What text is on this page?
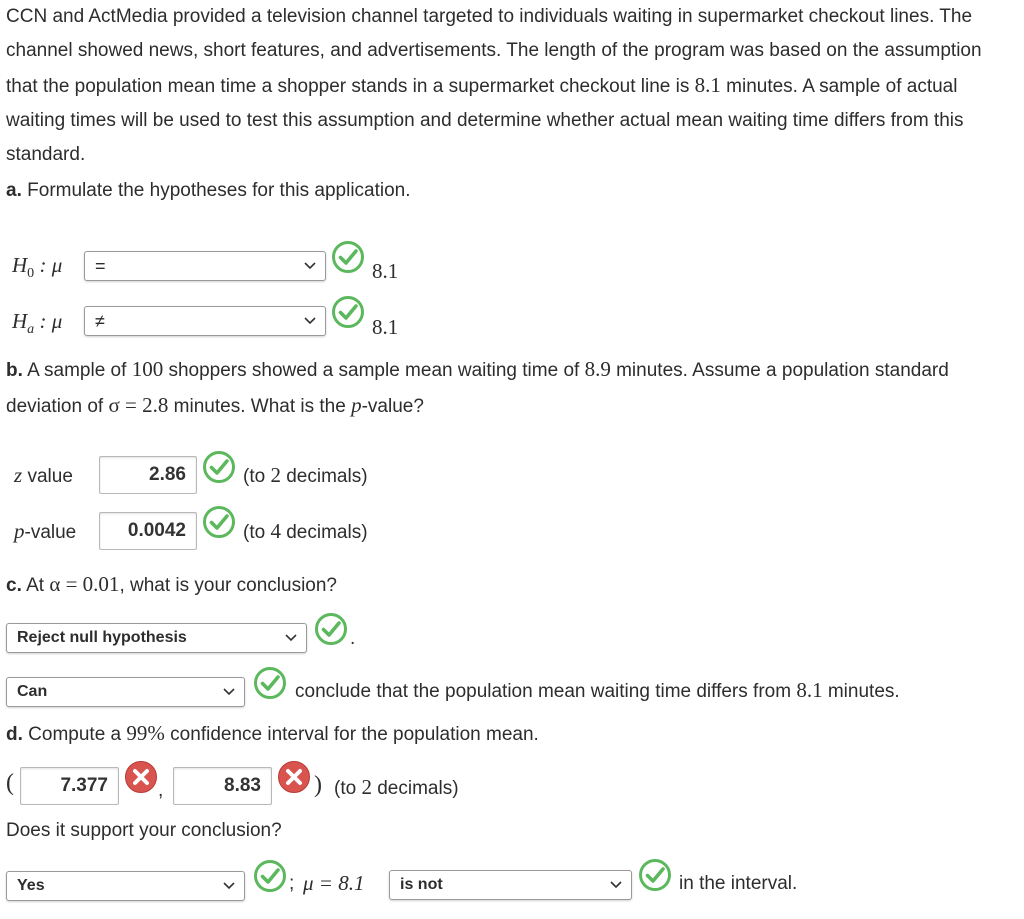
CCN and ActMedia provided a television channel targeted to individuals waiting in supermarket checkout lines. The channel showed news, short features, and advertisements. The length of the program was based on the assumption that the population mean time a shopper stands in a supermarket checkout line is 8.1 minutes. A sample of actual waiting times will be used to test this assumption and determine whether actual mean waiting time differs from this standard.
a. Formulate the hypotheses for this application.
$H_0$ : μ	=	8.1
$H_a$ : μ	≠	8.1
b. A sample of 100 shoppers showed a sample mean waiting time of 8.9 minutes. Assume a population standard deviation of σ = 2.8 minutes. What is the p-value?
z value	2.86	(to 2 decimals)
p-value	0.0042	(to 4 decimals)
c. At α = 0.01, what is your conclusion?
Reject null hypothesis	.
Can	conclude that the population mean waiting time differs from 8.1 minutes.
d. Compute a 99% confidence interval for the population mean.
(	7.377	,	8.83	) (to 2 decimals)
Does it support your conclusion?
Yes	; μ = 8.1	is not	in the interval.
